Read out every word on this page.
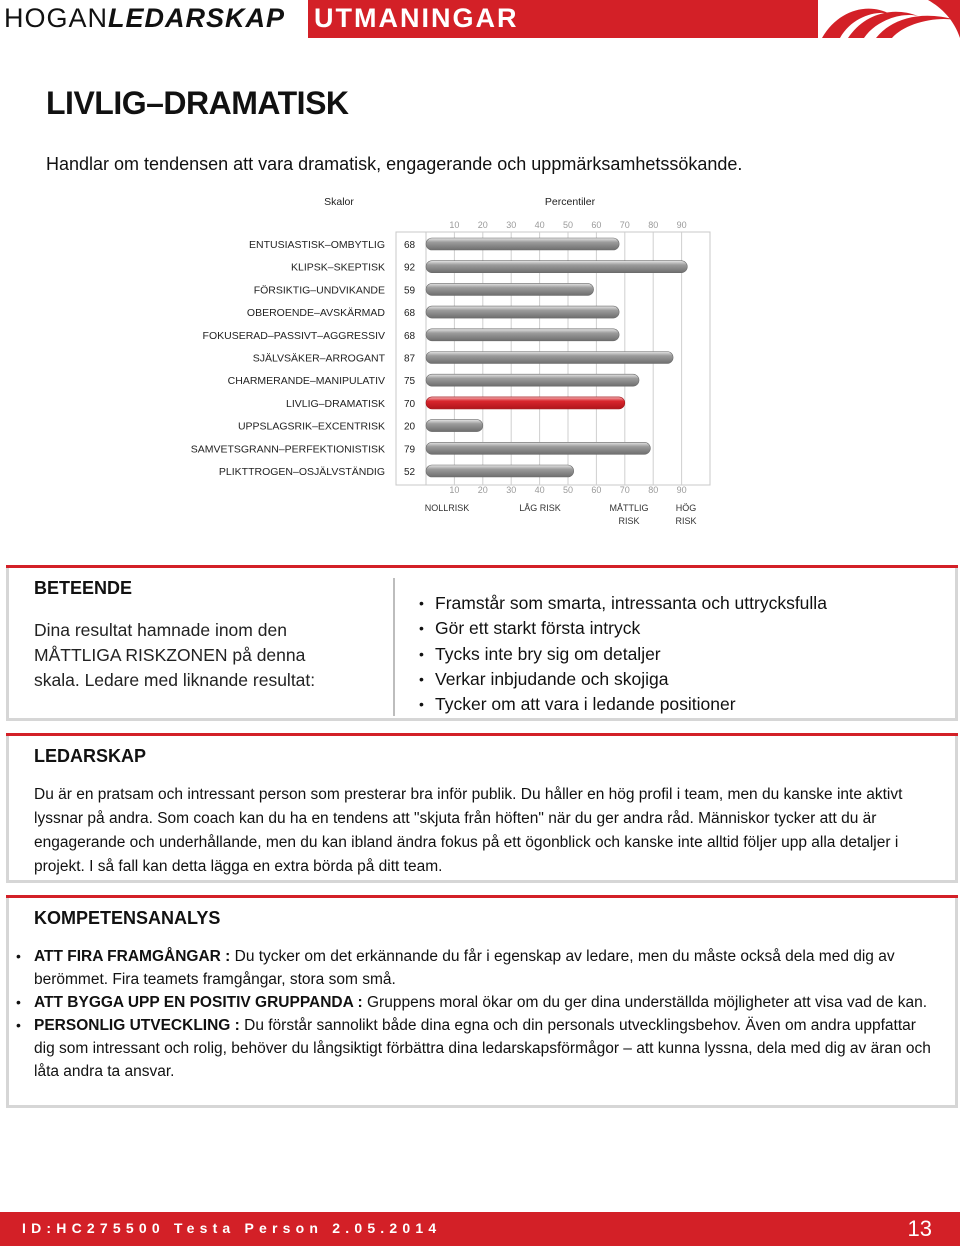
HOGANLEDARSKAP UTMANINGAR
LIVLIG–DRAMATISK
Handlar om tendensen att vara dramatisk, engagerande och uppmärksamhetssökande.
Skalor	Percentiler
10
10
20
20
30
30
40
40
50
50
60
60
70
70
80
80
90
90
NOLLRISK	LÅG RISK	MÅTTLIG
RISK
HÖG
RISK
ENTUSIASTISK–OMBYTLIG 68
KLIPSK–SKEPTISK 92
FÖRSIKTIG–UNDVIKANDE 59
OBEROENDE–AVSKÄRMAD 68
FOKUSERAD–PASSIVT–AGGRESSIV 68
SJÄLVSÄKER–ARROGANT 87
CHARMERANDE–MANIPULATIV 75
LIVLIG–DRAMATISK 70
UPPSLAGSRIK–EXCENTRISK 20
SAMVETSGRANN–PERFEKTIONISTISK 79
PLIKTTROGEN–OSJÄLVSTÄNDIG 52
BETEENDE
Dina resultat hamnade inom den MÅTTLIGA RISKZONEN på denna skala. Ledare med liknande resultat:
• Framstår som smarta, intressanta och uttrycksfulla
• Gör ett starkt första intryck
• Tycks inte bry sig om detaljer
• Verkar inbjudande och skojiga
• Tycker om att vara i ledande positioner
LEDARSKAP
Du är en pratsam och intressant person som presterar bra inför publik. Du håller en hög profil i team, men du kanske inte aktivt lyssnar på andra. Som coach kan du ha en tendens att "skjuta från höften" när du ger andra råd. Människor tycker att du är engagerande och underhållande, men du kan ibland ändra fokus på ett ögonblick och kanske inte alltid följer upp alla detaljer i projekt. I så fall kan detta lägga en extra börda på ditt team.
KOMPETENSANALYS
• ATT FIRA FRAMGÅNGAR : Du tycker om det erkännande du får i egenskap av ledare, men du måste också dela med dig av berömmet. Fira teamets framgångar, stora som små.
• ATT BYGGA UPP EN POSITIV GRUPPANDA : Gruppens moral ökar om du ger dina underställda möjligheter att visa vad de kan.
• PERSONLIG UTVECKLING : Du förstår sannolikt både dina egna och din personals utvecklingsbehov. Även om andra uppfattar dig som intressant och rolig, behöver du långsiktigt förbättra dina ledarskapsförmågor – att kunna lyssna, dela med dig av äran och låta andra ta ansvar.
ID:HC275500 Testa Person 2.05.2014	13
